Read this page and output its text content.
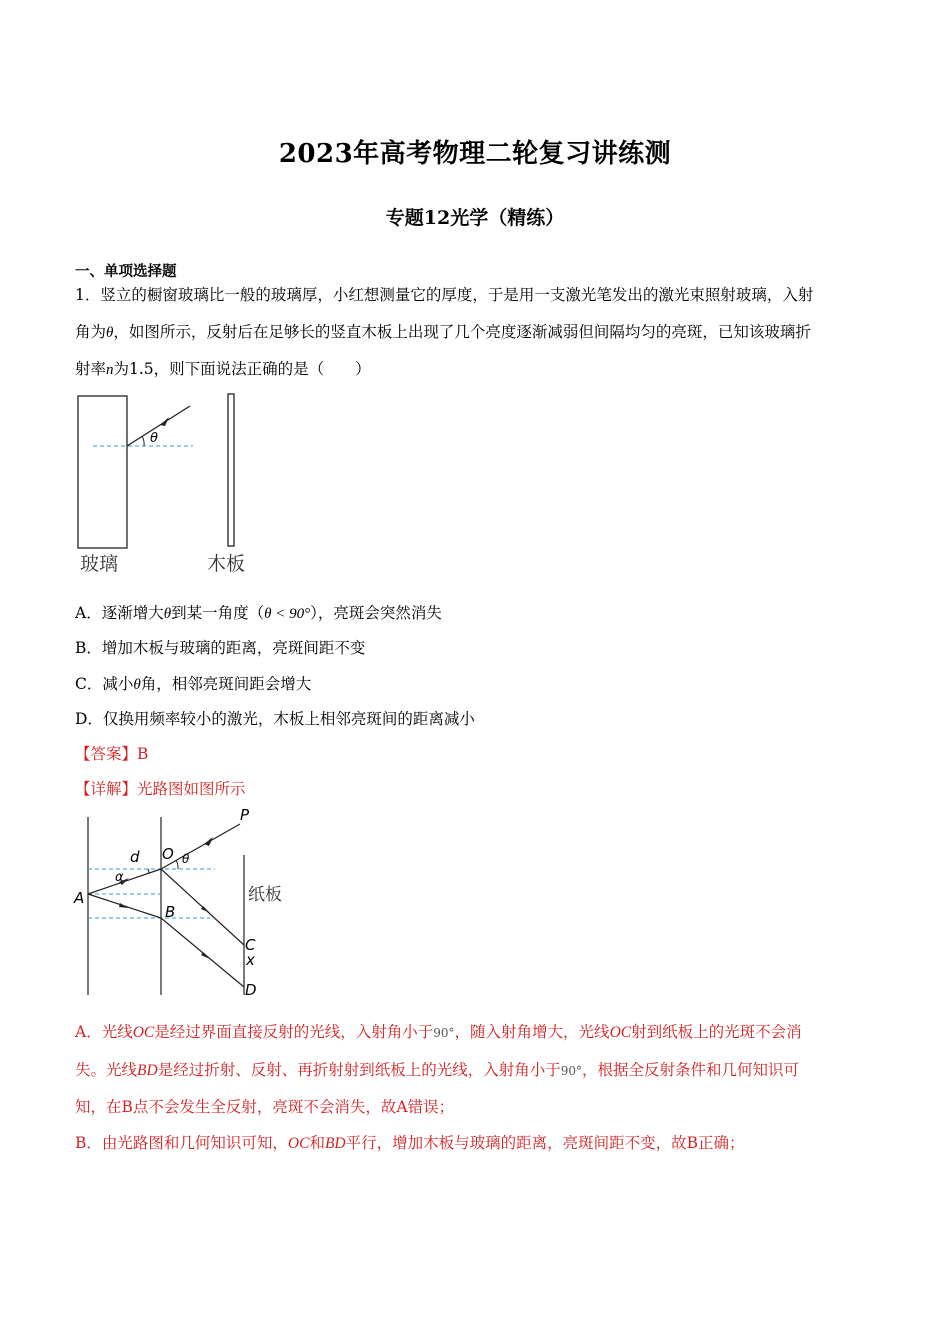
2023年高考物理二轮复习讲练测
专题12光学（精练）
一、单项选择题
1．竖立的橱窗玻璃比一般的玻璃厚，小红想测量它的厚度，于是用一支激光笔发出的激光束照射玻璃，入射
角为θ，如图所示，反射后在足够长的竖直木板上出现了几个亮度逐渐减弱但间隔均匀的亮斑，已知该玻璃折
射率n为1.5，则下面说法正确的是（　　）
θ
玻璃	木板
A．逐渐增大θ到某一角度（θ < 90°），亮斑会突然消失
B．增加木板与玻璃的距离，亮斑间距不变
C．减小θ角，相邻亮斑间距会增大
D．仅换用频率较小的激光，木板上相邻亮斑间的距离减小
【答案】B
【详解】光路图如图所示
P
O
d
α
θ
A
B
C
x
D
纸板
A．光线OC是经过界面直接反射的光线，入射角小于90°，随入射角增大，光线OC射到纸板上的光斑不会消
失。光线BD是经过折射、反射、再折射射到纸板上的光线，入射角小于90°，根据全反射条件和几何知识可
知，在B点不会发生全反射，亮斑不会消失，故A错误；
B．由光路图和几何知识可知，OC和BD平行，增加木板与玻璃的距离，亮斑间距不变，故B正确；
